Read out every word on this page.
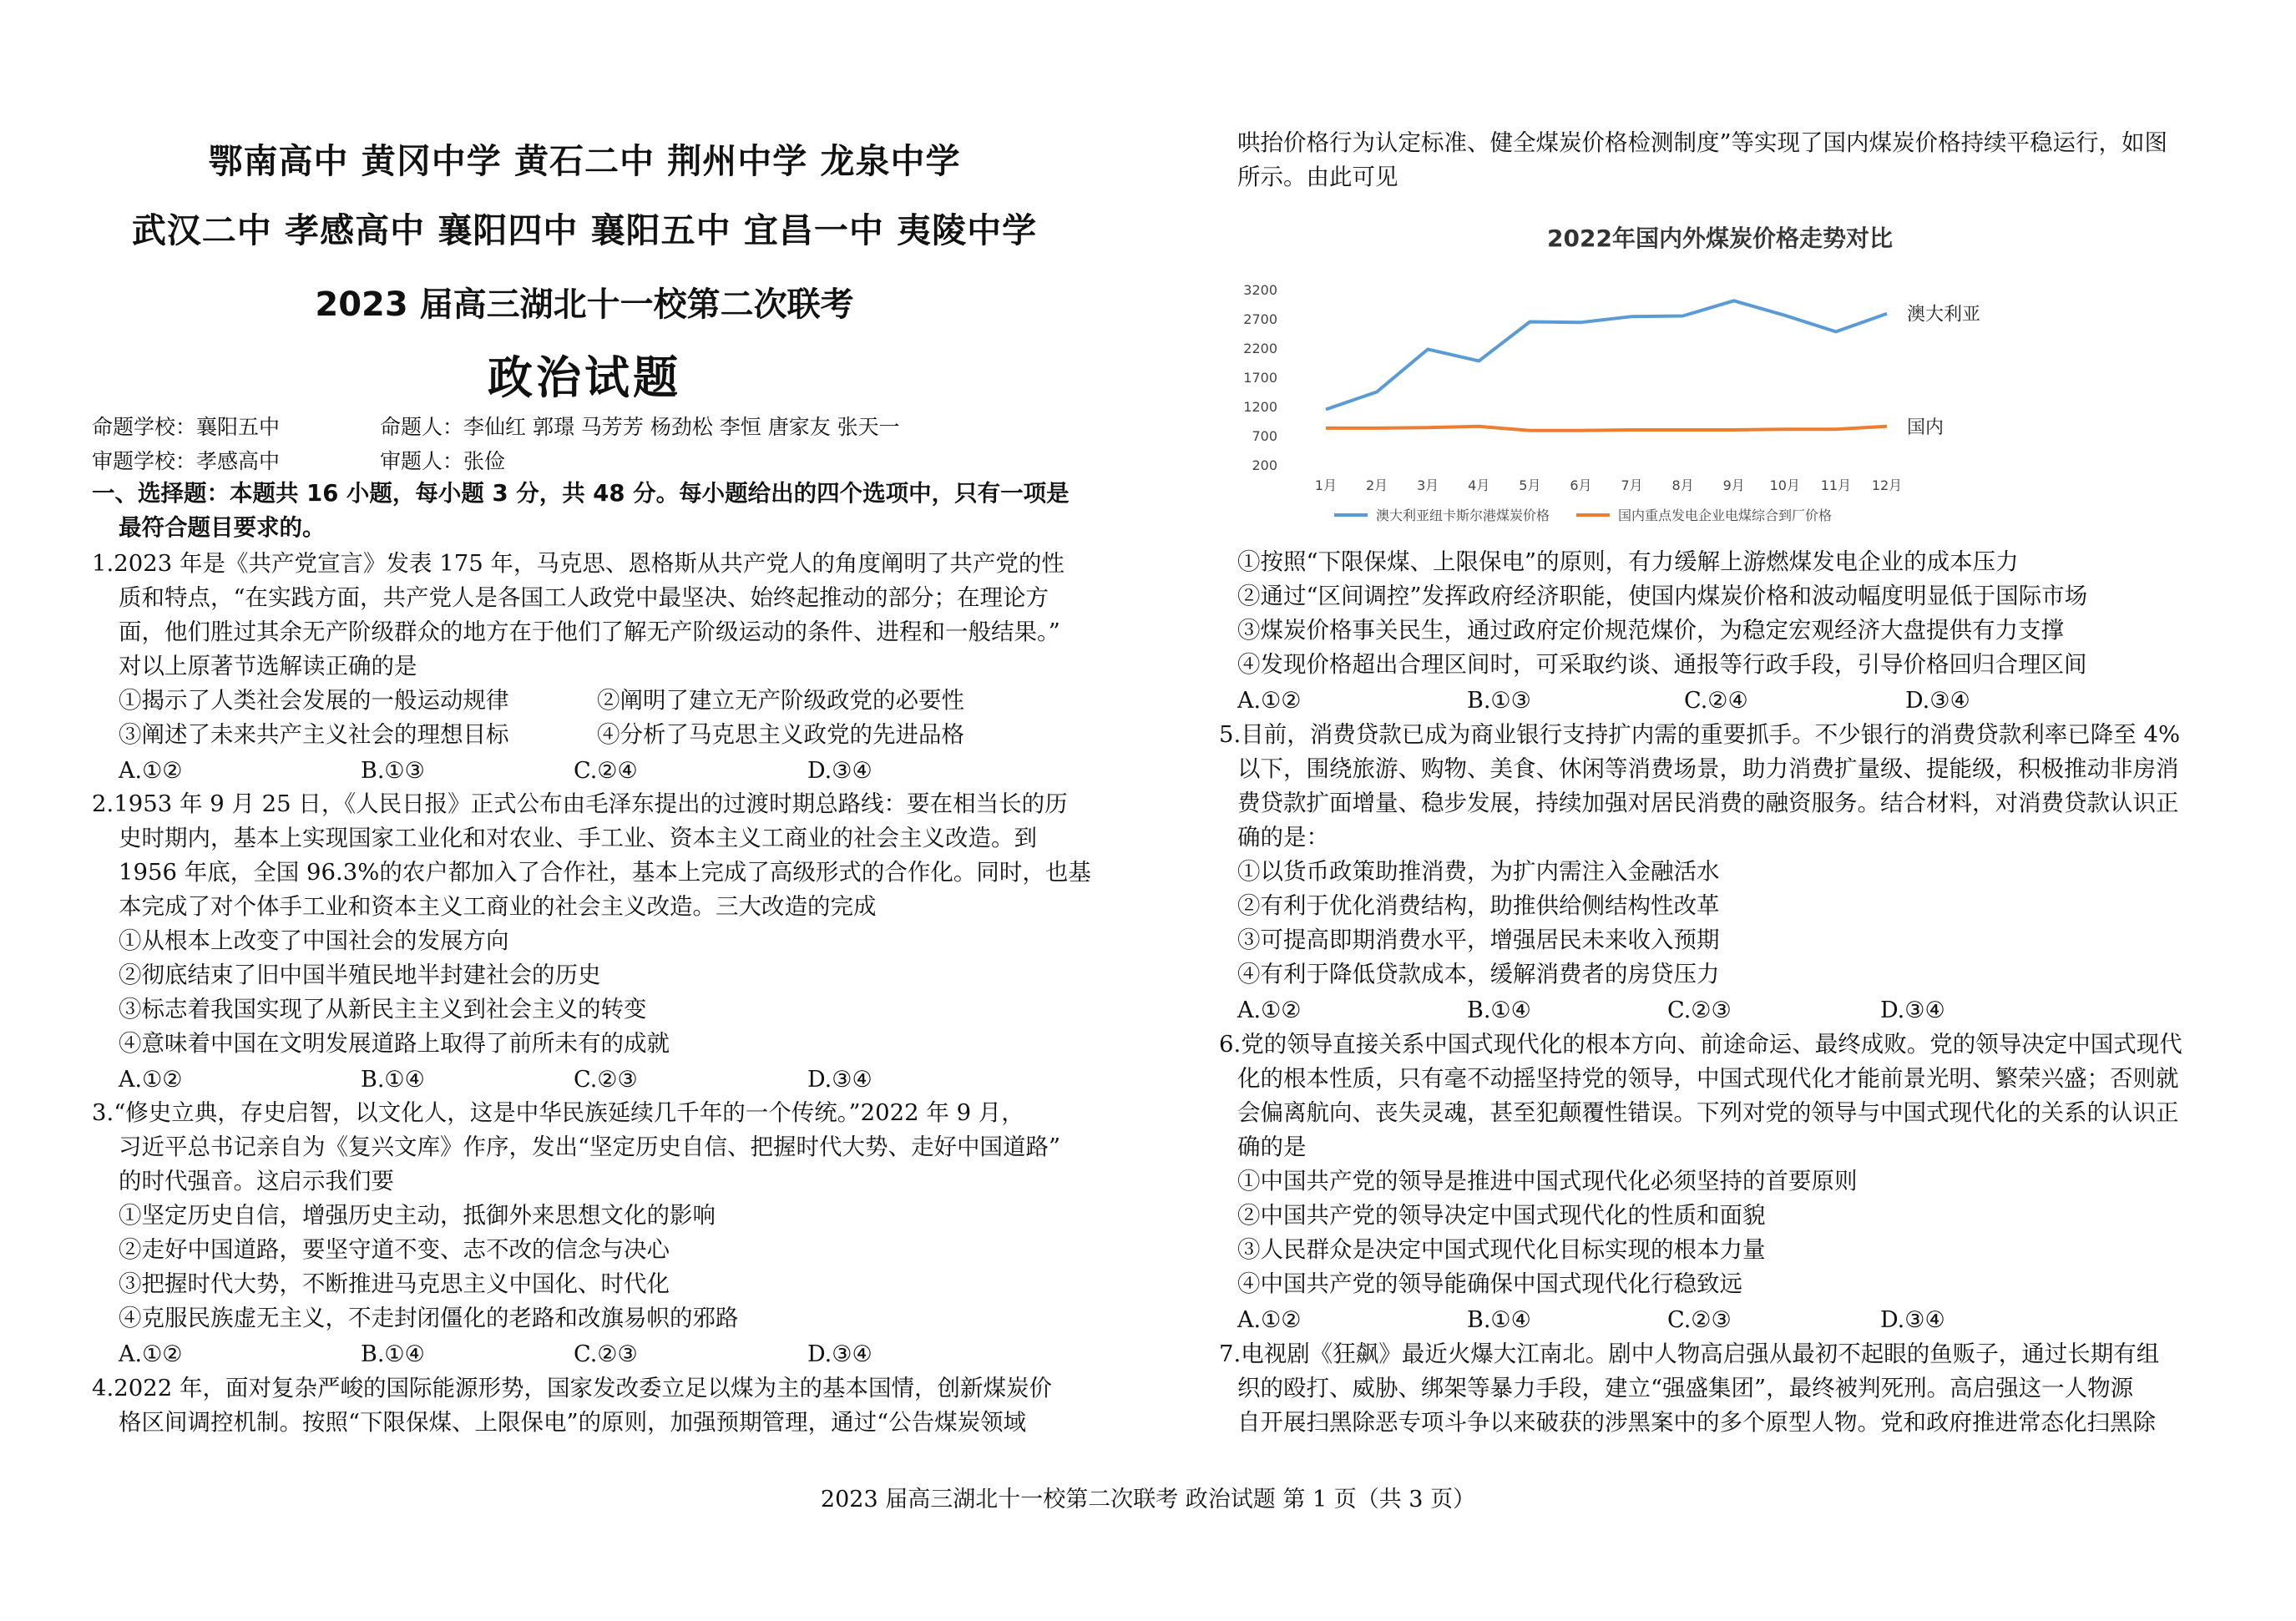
鄂南高中 黄冈中学 黄石二中 荆州中学 龙泉中学
武汉二中 孝感高中 襄阳四中 襄阳五中 宜昌一中 夷陵中学
2023 届高三湖北十一校第二次联考
政治试题
命题学校：襄阳五中	命题人：李仙红 郭璟 马芳芳 杨劲松 李恒 唐家友 张天一
审题学校：孝感高中	审题人：张俭
一、选择题：本题共 16 小题，每小题 3 分，共 48 分。每小题给出的四个选项中，只有一项是
最符合题目要求的。
1.2023 年是《共产党宣言》发表 175 年，马克思、恩格斯从共产党人的角度阐明了共产党的性
质和特点，“在实践方面，共产党人是各国工人政党中最坚决、始终起推动的部分；在理论方
面，他们胜过其余无产阶级群众的地方在于他们了解无产阶级运动的条件、进程和一般结果。”
对以上原著节选解读正确的是
①揭示了人类社会发展的一般运动规律	②阐明了建立无产阶级政党的必要性
③阐述了未来共产主义社会的理想目标	④分析了马克思主义政党的先进品格
A.①②	B.①③	C.②④	D.③④
2.1953 年 9 月 25 日，《人民日报》正式公布由毛泽东提出的过渡时期总路线：要在相当长的历
史时期内，基本上实现国家工业化和对农业、手工业、资本主义工商业的社会主义改造。到
1956 年底，全国 96.3%的农户都加入了合作社，基本上完成了高级形式的合作化。同时，也基
本完成了对个体手工业和资本主义工商业的社会主义改造。三大改造的完成
①从根本上改变了中国社会的发展方向
②彻底结束了旧中国半殖民地半封建社会的历史
③标志着我国实现了从新民主主义到社会主义的转变
④意味着中国在文明发展道路上取得了前所未有的成就
A.①②	B.①④	C.②③	D.③④
3.“修史立典，存史启智，以文化人，这是中华民族延续几千年的一个传统。”2022 年 9 月，
习近平总书记亲自为《复兴文库》作序，发出“坚定历史自信、把握时代大势、走好中国道路”
的时代强音。这启示我们要
①坚定历史自信，增强历史主动，抵御外来思想文化的影响
②走好中国道路，要坚守道不变、志不改的信念与决心
③把握时代大势，不断推进马克思主义中国化、时代化
④克服民族虚无主义，不走封闭僵化的老路和改旗易帜的邪路
A.①②	B.①④	C.②③	D.③④
4.2022 年，面对复杂严峻的国际能源形势，国家发改委立足以煤为主的基本国情，创新煤炭价
格区间调控机制。按照“下限保煤、上限保电”的原则，加强预期管理，通过“公告煤炭领域
哄抬价格行为认定标准、健全煤炭价格检测制度”等实现了国内煤炭价格持续平稳运行，如图
所示。由此可见
①按照“下限保煤、上限保电”的原则，有力缓解上游燃煤发电企业的成本压力
②通过“区间调控”发挥政府经济职能，使国内煤炭价格和波动幅度明显低于国际市场
③煤炭价格事关民生，通过政府定价规范煤价，为稳定宏观经济大盘提供有力支撑
④发现价格超出合理区间时，可采取约谈、通报等行政手段，引导价格回归合理区间
A.①②	B.①③	C.②④	D.③④
5.目前，消费贷款已成为商业银行支持扩内需的重要抓手。不少银行的消费贷款利率已降至 4%
以下，围绕旅游、购物、美食、休闲等消费场景，助力消费扩量级、提能级，积极推动非房消
费贷款扩面增量、稳步发展，持续加强对居民消费的融资服务。结合材料，对消费贷款认识正
确的是：
①以货币政策助推消费，为扩内需注入金融活水
②有利于优化消费结构，助推供给侧结构性改革
③可提高即期消费水平，增强居民未来收入预期
④有利于降低贷款成本，缓解消费者的房贷压力
A.①②	B.①④	C.②③	D.③④
6.党的领导直接关系中国式现代化的根本方向、前途命运、最终成败。党的领导决定中国式现代
化的根本性质，只有毫不动摇坚持党的领导，中国式现代化才能前景光明、繁荣兴盛；否则就
会偏离航向、丧失灵魂，甚至犯颠覆性错误。下列对党的领导与中国式现代化的关系的认识正
确的是
①中国共产党的领导是推进中国式现代化必须坚持的首要原则
②中国共产党的领导决定中国式现代化的性质和面貌
③人民群众是决定中国式现代化目标实现的根本力量
④中国共产党的领导能确保中国式现代化行稳致远
A.①②	B.①④	C.②③	D.③④
7.电视剧《狂飙》最近火爆大江南北。剧中人物高启强从最初不起眼的鱼贩子，通过长期有组
织的殴打、威胁、绑架等暴力手段，建立“强盛集团”，最终被判死刑。高启强这一人物源
自开展扫黑除恶专项斗争以来破获的涉黑案中的多个原型人物。党和政府推进常态化扫黑除
2022年国内外煤炭价格走势对比
200
700
1200
1700
2200
2700
3200
1月 2月 3月 4月 5月 6月 7月 8月 9月 10月 11月 12月
澳大利亚
国内
澳大利亚纽卡斯尔港煤炭价格	国内重点发电企业电煤综合到厂价格
2023 届高三湖北十一校第二次联考 政治试题 第 1 页（共 3 页）
